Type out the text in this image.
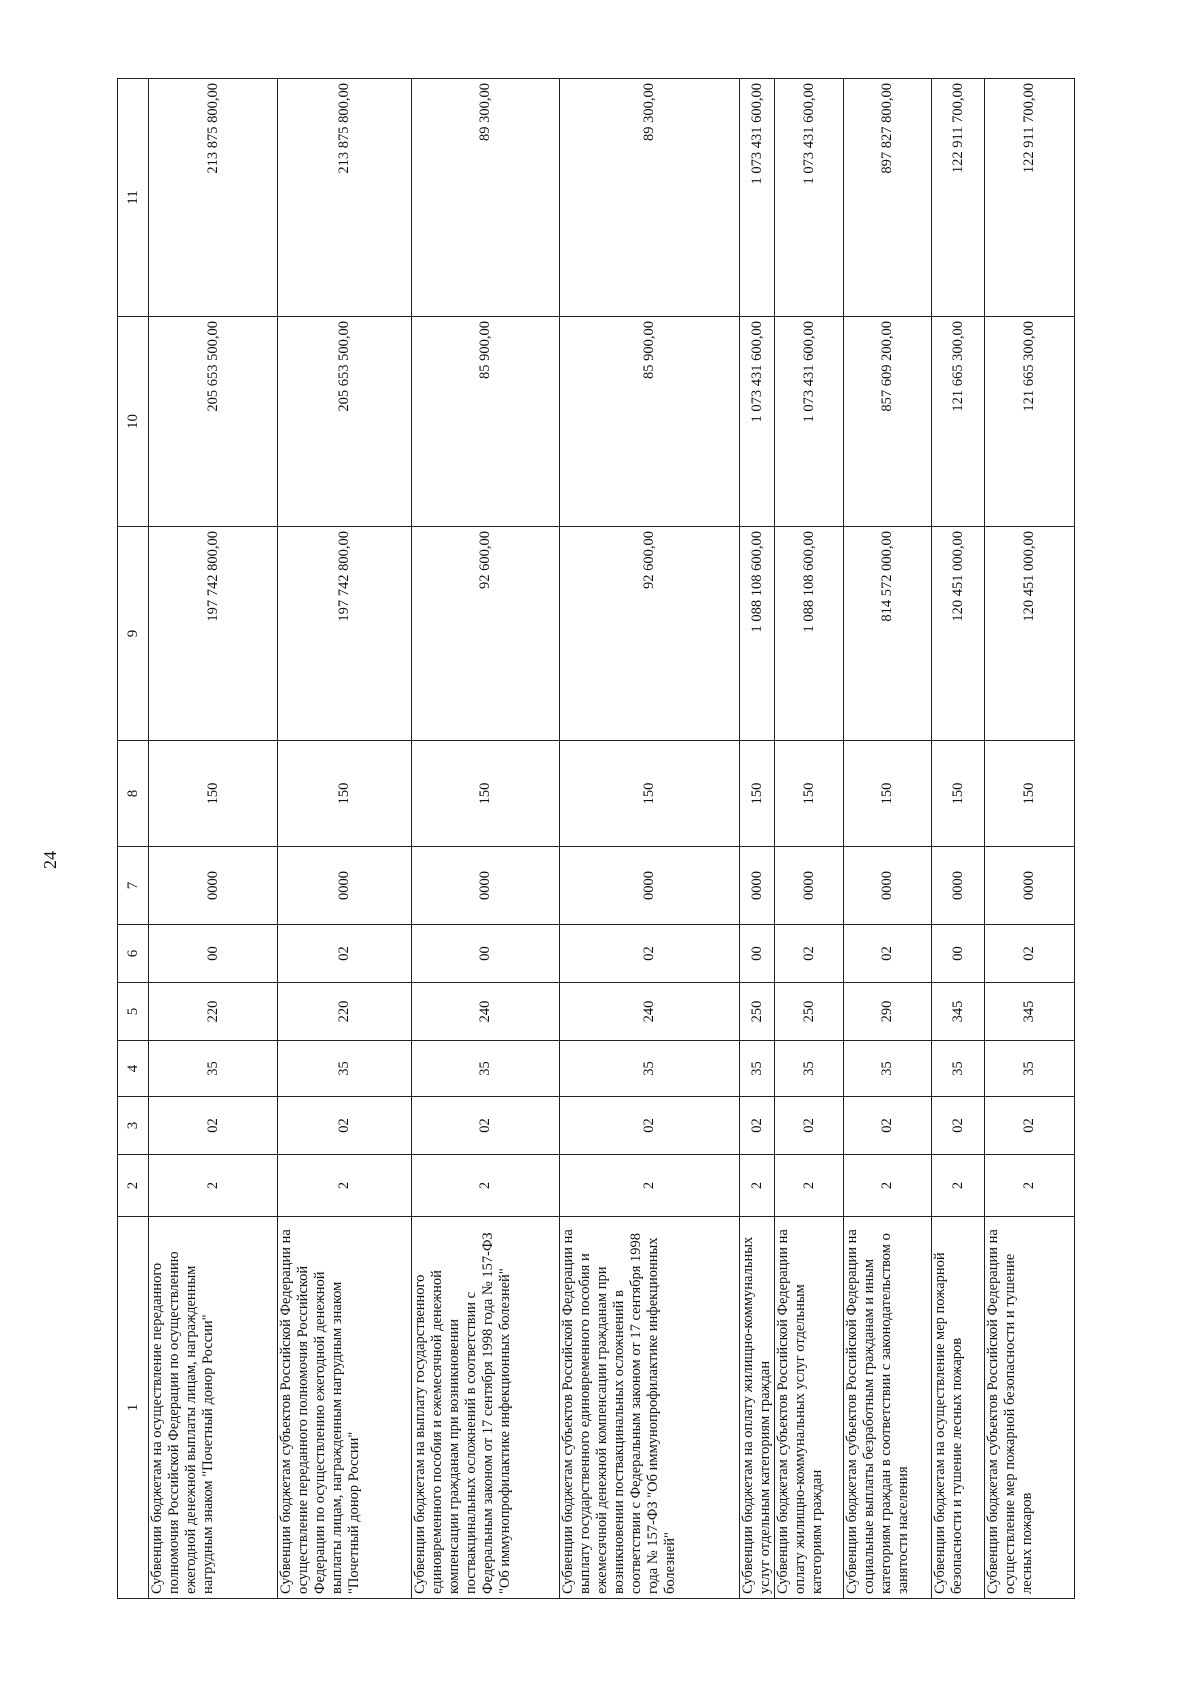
24
1	2	3	4	5	6	7	8	9	10	11
Субвенции бюджетам на осуществление переданного полномочия Российской Федерации по осуществлению ежегодной денежной выплаты лицам, награжденным нагрудным знаком "Почетный донор России"	2	02	35	220	00	0000	150	197 742 800,00	205 653 500,00	213 875 800,00
Субвенции бюджетам субъектов Российской Федерации на осуществление переданного полномочия Российской Федерации по осуществлению ежегодной денежной выплаты лицам, награжденным нагрудным знаком "Почетный донор России"	2	02	35	220	02	0000	150	197 742 800,00	205 653 500,00	213 875 800,00
Субвенции бюджетам на выплату государственного единовременного пособия и ежемесячной денежной компенсации гражданам при возникновении поствакцинальных осложнений в соответствии с Федеральным законом от 17 сентября 1998 года № 157-ФЗ "Об иммунопрофилактике инфекционных болезней"	2	02	35	240	00	0000	150	92 600,00	85 900,00	89 300,00
Субвенции бюджетам субъектов Российской Федерации на выплату государственного единовременного пособия и ежемесячной денежной компенсации гражданам при возникновении поствакцинальных осложнений в соответствии с Федеральным законом от 17 сентября 1998 года № 157-ФЗ "Об иммунопрофилактике инфекционных болезней"	2	02	35	240	02	0000	150	92 600,00	85 900,00	89 300,00
Субвенции бюджетам на оплату жилищно-коммунальных услуг отдельным категориям граждан	2	02	35	250	00	0000	150	1 088 108 600,00	1 073 431 600,00	1 073 431 600,00
Субвенции бюджетам субъектов Российской Федерации на оплату жилищно-коммунальных услуг отдельным категориям граждан	2	02	35	250	02	0000	150	1 088 108 600,00	1 073 431 600,00	1 073 431 600,00
Субвенции бюджетам субъектов Российской Федерации на социальные выплаты безработным гражданам и иным категориям граждан в соответствии с законодательством о занятости населения	2	02	35	290	02	0000	150	814 572 000,00	857 609 200,00	897 827 800,00
Субвенции бюджетам на осуществление мер пожарной безопасности и тушение лесных пожаров	2	02	35	345	00	0000	150	120 451 000,00	121 665 300,00	122 911 700,00
Субвенции бюджетам субъектов Российской Федерации на осуществление мер пожарной безопасности и тушение лесных пожаров	2	02	35	345	02	0000	150	120 451 000,00	121 665 300,00	122 911 700,00
